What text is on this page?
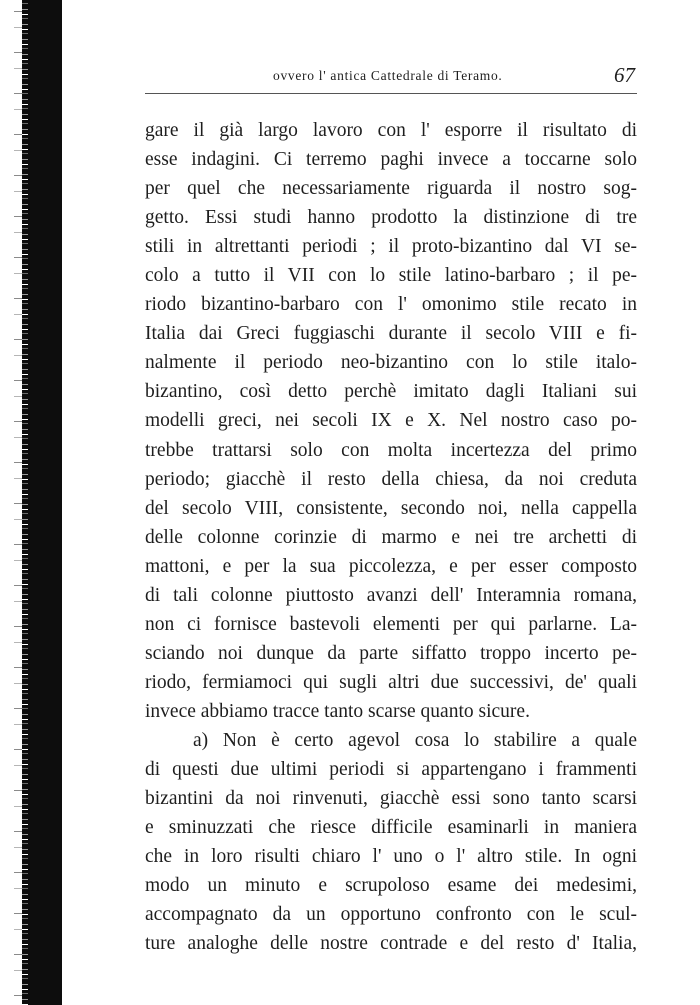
ovvero l' antica Cattedrale di Teramo.	67
gare il già largo lavoro con l' esporre il risultato di
esse indagini. Ci terremo paghi invece a toccarne solo
per quel che necessariamente riguarda il nostro sog-
getto. Essi studi hanno prodotto la distinzione di tre
stili in altrettanti periodi ; il proto-bizantino dal VI se-
colo a tutto il VII con lo stile latino-barbaro ; il pe-
riodo bizantino-barbaro con l' omonimo stile recato in
Italia dai Greci fuggiaschi durante il secolo VIII e fi-
nalmente il periodo neo-bizantino con lo stile italo-
bizantino, così detto perchè imitato dagli Italiani sui
modelli greci, nei secoli IX e X. Nel nostro caso po-
trebbe trattarsi solo con molta incertezza del primo
periodo; giacchè il resto della chiesa, da noi creduta
del secolo VIII, consistente, secondo noi, nella cappella
delle colonne corinzie di marmo e nei tre archetti di
mattoni, e per la sua piccolezza, e per esser composto
di tali colonne piuttosto avanzi dell' Interamnia romana,
non ci fornisce bastevoli elementi per qui parlarne. La-
sciando noi dunque da parte siffatto troppo incerto pe-
riodo, fermiamoci qui sugli altri due successivi, de' quali
invece abbiamo tracce tanto scarse quanto sicure.
a) Non è certo agevol cosa lo stabilire a quale
di questi due ultimi periodi si appartengano i frammenti
bizantini da noi rinvenuti, giacchè essi sono tanto scarsi
e sminuzzati che riesce difficile esaminarli in maniera
che in loro risulti chiaro l' uno o l' altro stile. In ogni
modo un minuto e scrupoloso esame dei medesimi,
accompagnato da un opportuno confronto con le scul-
ture analoghe delle nostre contrade e del resto d' Italia,
